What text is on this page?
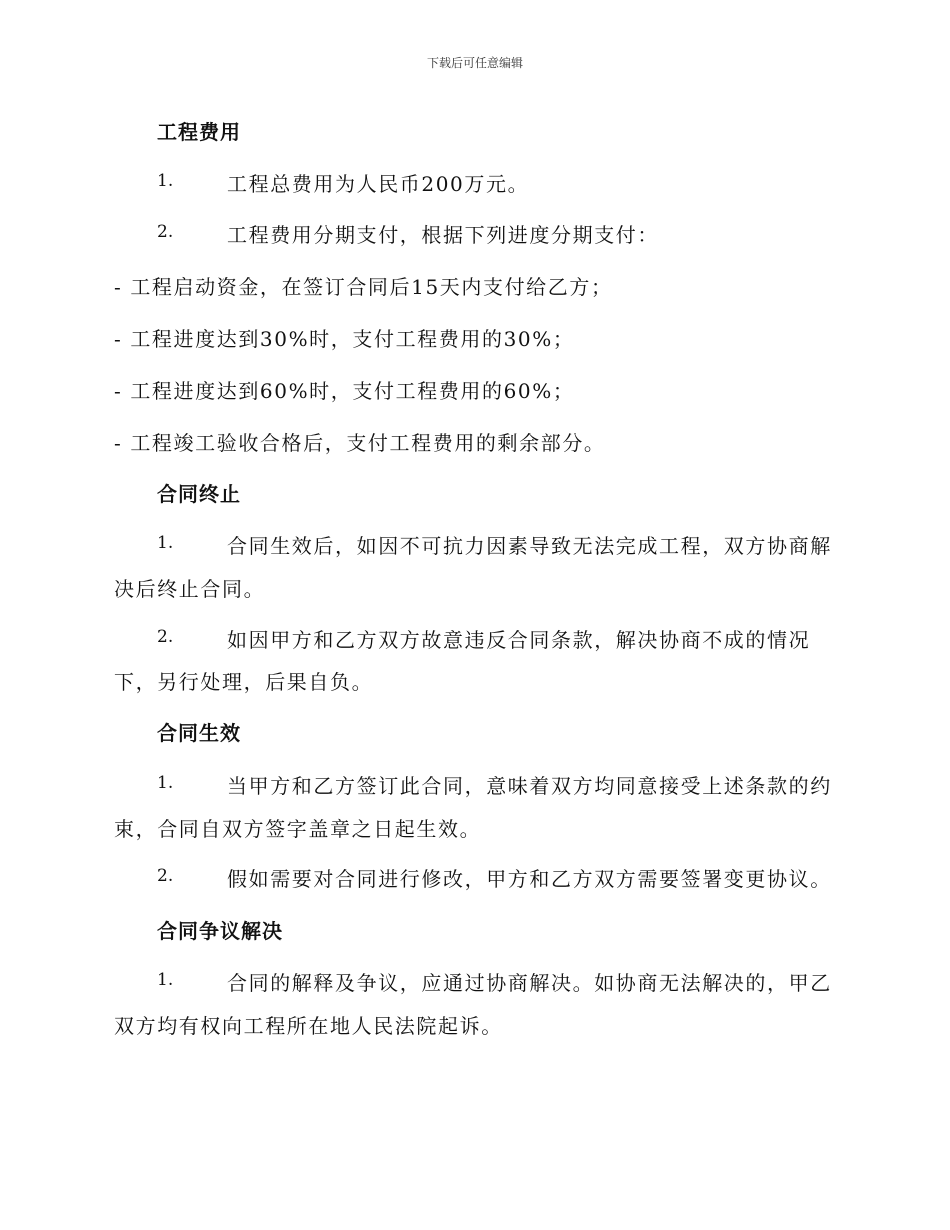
下载后可任意编辑
工程费用
1.	工程总费用为人民币200万元。
2.	工程费用分期支付，根据下列进度分期支付：
- 工程启动资金，在签订合同后15天内支付给乙方；
- 工程进度达到30%时，支付工程费用的30%；
- 工程进度达到60%时，支付工程费用的60%；
- 工程竣工验收合格后，支付工程费用的剩余部分。
合同终止
1.	合同生效后，如因不可抗力因素导致无法完成工程，双方协商解
决后终止合同。
2.	如因甲方和乙方双方故意违反合同条款，解决协商不成的情况
下，另行处理，后果自负。
合同生效
1.	当甲方和乙方签订此合同，意味着双方均同意接受上述条款的约
束，合同自双方签字盖章之日起生效。
2.	假如需要对合同进行修改，甲方和乙方双方需要签署变更协议。
合同争议解决
1.	合同的解释及争议，应通过协商解决。如协商无法解决的，甲乙
双方均有权向工程所在地人民法院起诉。
